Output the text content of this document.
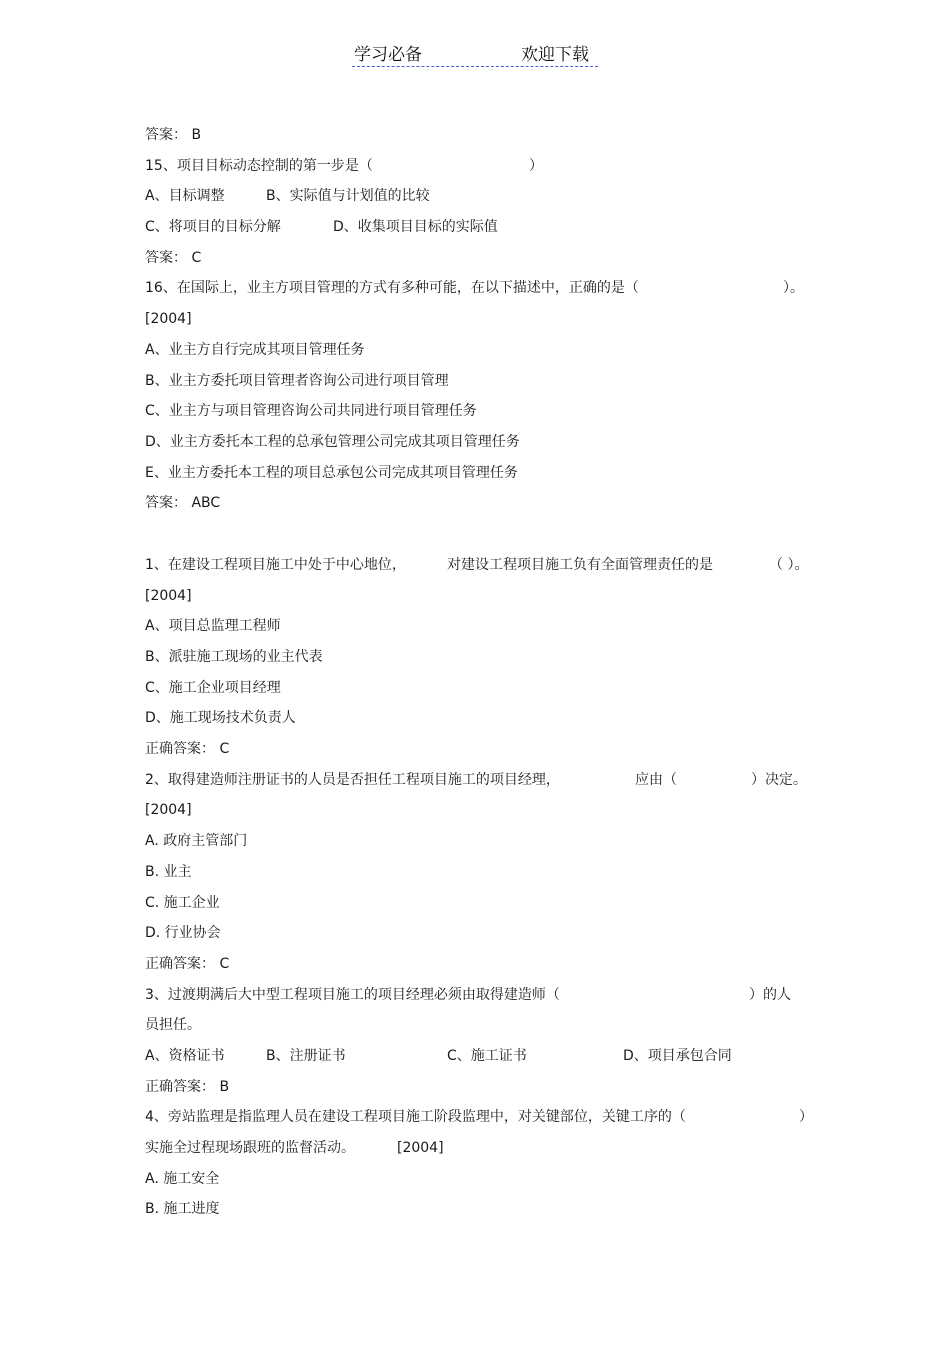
学习必备	欢迎下载
答案： B
15、项目目标动态控制的第一步是（	）
A、目标调整	B、实际值与计划值的比较
C、将项目的目标分解	D、收集项目目标的实际值
答案： C
16、在国际上，业主方项目管理的方式有多种可能，在以下描述中，正确的是（	）。
[2004]
A、业主方自行完成其项目管理任务
B、业主方委托项目管理者咨询公司进行项目管理
C、业主方与项目管理咨询公司共同进行项目管理任务
D、业主方委托本工程的总承包管理公司完成其项目管理任务
E、业主方委托本工程的项目总承包公司完成其项目管理任务
答案： ABC
1、在建设工程项目施工中处于中心地位，	对建设工程项目施工负有全面管理责任的是	（ ）。
[2004]
A、项目总监理工程师
B、派驻施工现场的业主代表
C、施工企业项目经理
D、施工现场技术负责人
正确答案： C
2、取得建造师注册证书的人员是否担任工程项目施工的项目经理，	应由（	）决定。
[2004]
A. 政府主管部门
B. 业主
C. 施工企业
D. 行业协会
正确答案： C
3、过渡期满后大中型工程项目施工的项目经理必须由取得建造师（	）的人
员担任。
A、资格证书	B、注册证书	C、施工证书	D、项目承包合同
正确答案： B
4、旁站监理是指监理人员在建设工程项目施工阶段监理中，对关键部位，关键工序的（	）
实施全过程现场跟班的监督活动。	[2004]
A. 施工安全
B. 施工进度
